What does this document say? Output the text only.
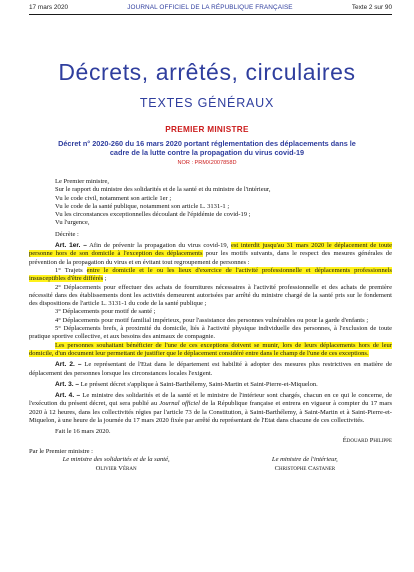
17 mars 2020	JOURNAL OFFICIEL DE LA RÉPUBLIQUE FRANÇAISE	Texte 2 sur 90
Décrets, arrêtés, circulaires
TEXTES GÉNÉRAUX
PREMIER MINISTRE
Décret n° 2020-260 du 16 mars 2020 portant réglementation des déplacements dans le cadre de la lutte contre la propagation du virus covid-19
NOR : PRMX2007858D

Le Premier ministre,

Sur le rapport du ministre des solidarités et de la santé et du ministre de l'intérieur,

Vu le code civil, notamment son article 1er ;

Vu le code de la santé publique, notamment son article L. 3131-1 ;

Vu les circonstances exceptionnelles découlant de l'épidémie de covid-19 ;

Vu l'urgence,

Décrète :

Art. 1er. – Afin de prévenir la propagation du virus covid-19, est interdit jusqu'au 31 mars 2020 le déplacement de toute personne hors de son domicile à l'exception des déplacements pour les motifs suivants, dans le respect des mesures générales de prévention de la propagation du virus et en évitant tout regroupement de personnes :

1° Trajets entre le domicile et le ou les lieux d'exercice de l'activité professionnelle et déplacements professionnels insusceptibles d'être différés ;

2° Déplacements pour effectuer des achats de fournitures nécessaires à l'activité professionnelle et des achats de première nécessité dans des établissements dont les activités demeurent autorisées par arrêté du ministre chargé de la santé pris sur le fondement des dispositions de l'article L. 3131-1 du code de la santé publique ;

3° Déplacements pour motif de santé ;

4° Déplacements pour motif familial impérieux, pour l'assistance des personnes vulnérables ou pour la garde d'enfants ;

5° Déplacements brefs, à proximité du domicile, liés à l'activité physique individuelle des personnes, à l'exclusion de toute pratique sportive collective, et aux besoins des animaux de compagnie.

Les personnes souhaitant bénéficier de l'une de ces exceptions doivent se munir, lors de leurs déplacements hors de leur domicile, d'un document leur permettant de justifier que le déplacement considéré entre dans le champ de l'une de ces exceptions.

Art. 2. – Le représentant de l'Etat dans le département est habilité à adopter des mesures plus restrictives en matière de déplacement des personnes lorsque les circonstances locales l'exigent.

Art. 3. – Le présent décret s'applique à Saint-Barthélemy, Saint-Martin et Saint-Pierre-et-Miquelon.

Art. 4. – Le ministre des solidarités et de la santé et le ministre de l'intérieur sont chargés, chacun en ce qui le concerne, de l'exécution du présent décret, qui sera publié au Journal officiel de la République française et entrera en vigueur à compter du 17 mars 2020 à 12 heures, dans les collectivités régies par l'article 73 de la Constitution, à Saint-Barthélemy, à Saint-Martin et à Saint-Pierre-et-Miquelon, à une heure de la journée du 17 mars 2020 fixée par arrêté du représentant de l'Etat dans chacune de ces collectivités.

Fait le 16 mars 2020.

Édouard Philippe

Par le Premier ministre :

Le ministre des solidarités et de la santé,

Olivier Véran

Le ministre de l'intérieur,

Christophe Castaner
